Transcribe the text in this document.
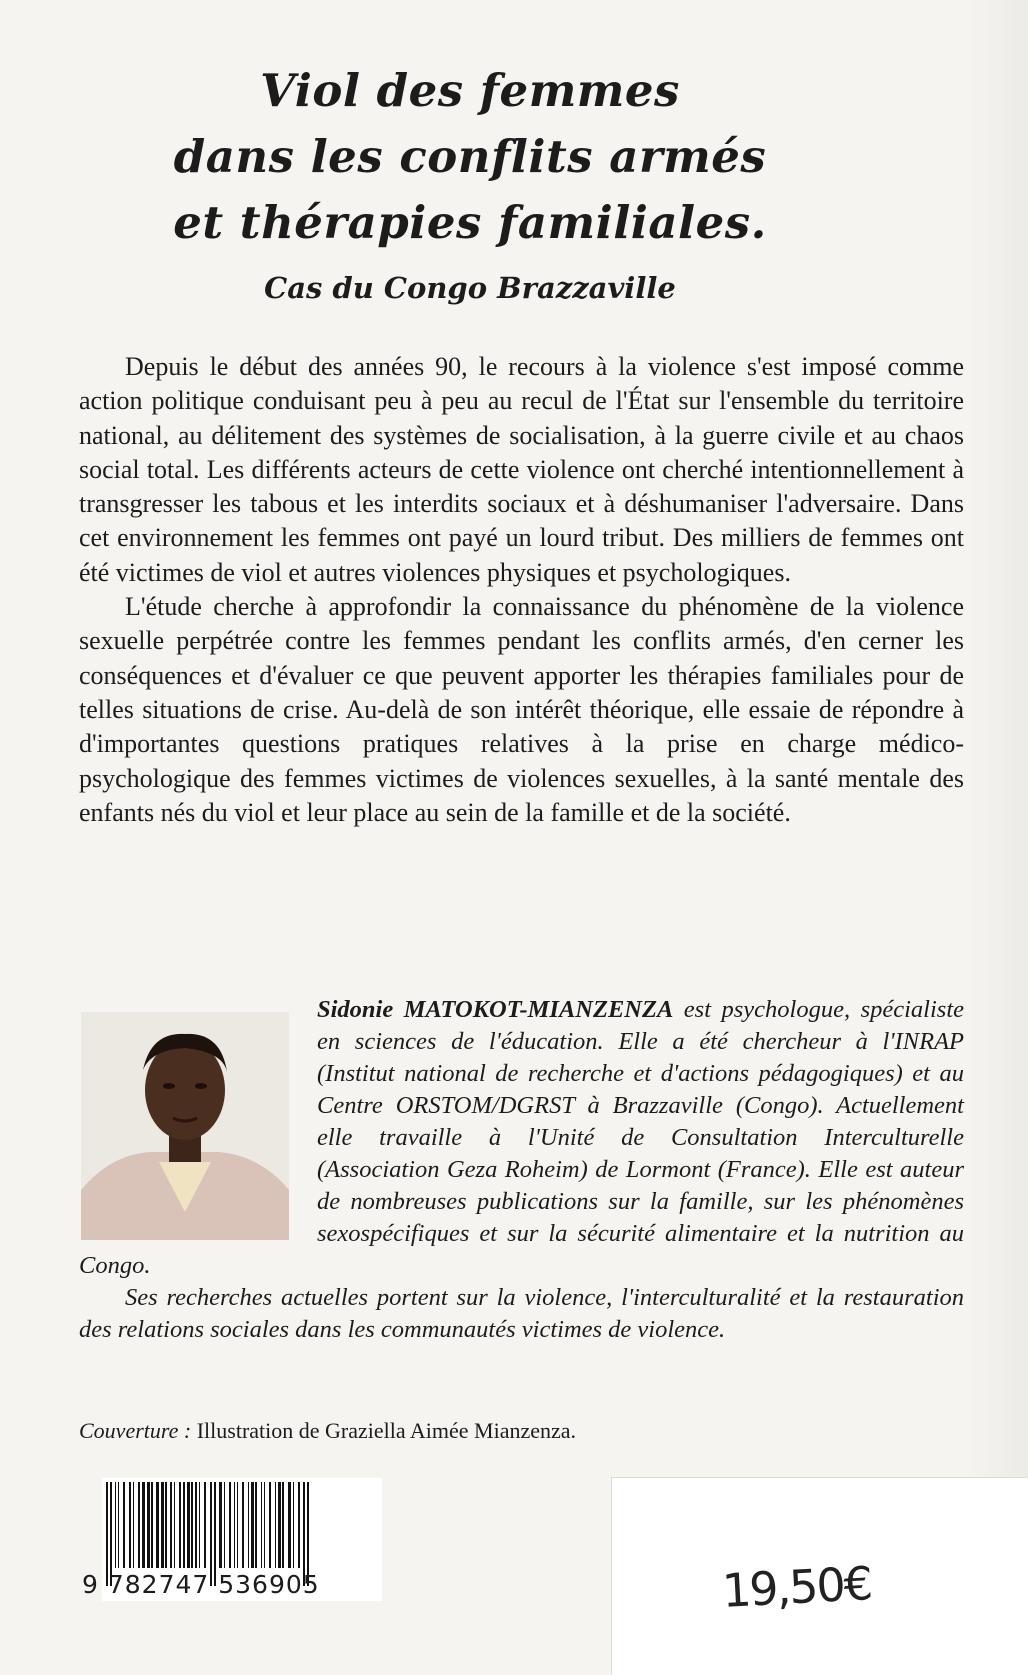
Viol des femmes
dans les conflits armés
et thérapies familiales.
Cas du Congo Brazzaville

Depuis le début des années 90, le recours à la violence s'est imposé comme action politique conduisant peu à peu au recul de l'État sur l'ensemble du territoire national, au délitement des systèmes de socialisation, à la guerre civile et au chaos social total. Les différents acteurs de cette violence ont cherché intentionnellement à transgresser les tabous et les interdits sociaux et à déshumaniser l'adversaire. Dans cet environnement les femmes ont payé un lourd tribut. Des milliers de femmes ont été victimes de viol et autres violences physiques et psychologiques.

L'étude cherche à approfondir la connaissance du phénomène de la violence sexuelle perpétrée contre les femmes pendant les conflits armés, d'en cerner les conséquences et d'évaluer ce que peuvent apporter les thérapies familiales pour de telles situations de crise. Au-delà de son intérêt théorique, elle essaie de répondre à d'importantes questions pratiques relatives à la prise en charge médico-psychologique des femmes victimes de violences sexuelles, à la santé mentale des enfants nés du viol et leur place au sein de la famille et de la société.

Sidonie MATOKOT-MIANZENZA est psychologue, spécialiste en sciences de l'éducation. Elle a été chercheur à l'INRAP (Institut national de recherche et d'actions pédagogiques) et au Centre ORSTOM/DGRST à Brazzaville (Congo). Actuellement elle travaille à l'Unité de Consultation Interculturelle (Association Geza Roheim) de Lormont (France). Elle est auteur de nombreuses publications sur la famille, sur les phénomènes sexospécifiques et sur la sécurité alimentaire et la nutrition au Congo.

Ses recherches actuelles portent sur la violence, l'interculturalité et la restauration des relations sociales dans les communautés victimes de violence.

Couverture : Illustration de Graziella Aimée Mianzenza.
9 782747 536905	19,50€
